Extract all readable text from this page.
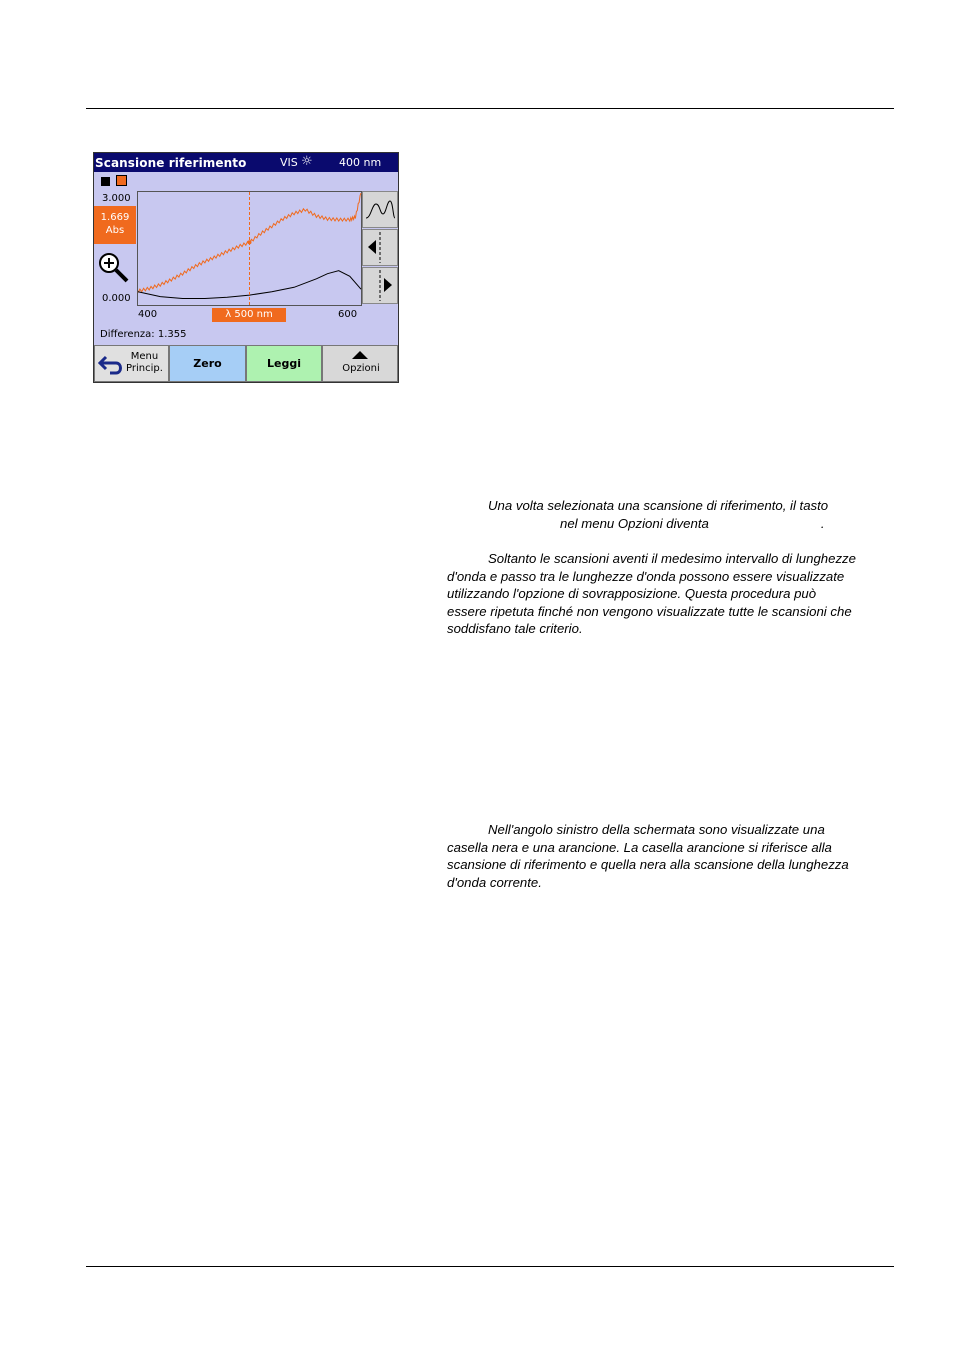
Scansione riferimento	VIS ☼ 400 nm
3.000
1.669
Abs
0.000
400	λ 500 nm	600
Differenza: 1.355
Menu
Princip.	Zero	Leggi	Opzioni
Una volta selezionata una scansione di riferimento, il tasto
nel menu Opzioni diventa	.
Soltanto le scansioni aventi il medesimo intervallo di lunghezze
d'onda e passo tra le lunghezze d'onda possono essere visualizzate
utilizzando l'opzione di sovrapposizione. Questa procedura può
essere ripetuta finché non vengono visualizzate tutte le scansioni che
soddisfano tale criterio.
Nell'angolo sinistro della schermata sono visualizzate una
casella nera e una arancione. La casella arancione si riferisce alla
scansione di riferimento e quella nera alla scansione della lunghezza
d'onda corrente.
